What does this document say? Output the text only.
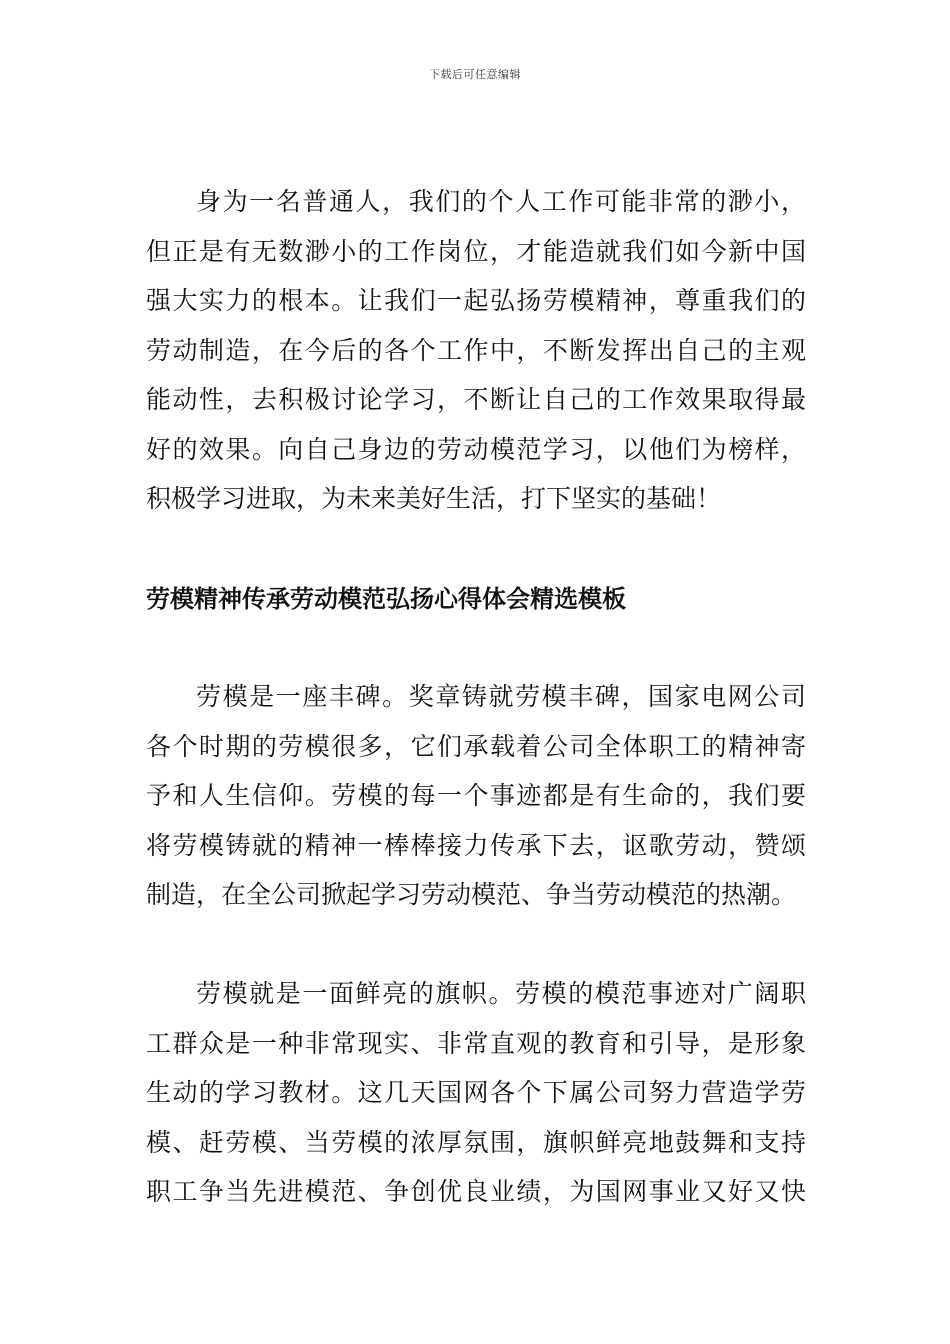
下载后可任意编辑
身为一名普通人，我们的个人工作可能非常的渺小，
但正是有无数渺小的工作岗位，才能造就我们如今新中国
强大实力的根本。让我们一起弘扬劳模精神，尊重我们的
劳动制造，在今后的各个工作中，不断发挥出自己的主观
能动性，去积极讨论学习，不断让自己的工作效果取得最
好的效果。向自己身边的劳动模范学习，以他们为榜样，
积极学习进取，为未来美好生活，打下坚实的基础！
劳模精神传承劳动模范弘扬心得体会精选模板
劳模是一座丰碑。奖章铸就劳模丰碑，国家电网公司
各个时期的劳模很多，它们承载着公司全体职工的精神寄
予和人生信仰。劳模的每一个事迹都是有生命的，我们要
将劳模铸就的精神一棒棒接力传承下去，讴歌劳动，赞颂
制造，在全公司掀起学习劳动模范、争当劳动模范的热潮。
劳模就是一面鲜亮的旗帜。劳模的模范事迹对广阔职
工群众是一种非常现实、非常直观的教育和引导，是形象
生动的学习教材。这几天国网各个下属公司努力营造学劳
模、赶劳模、当劳模的浓厚氛围，旗帜鲜亮地鼓舞和支持
职工争当先进模范、争创优良业绩，为国网事业又好又快
